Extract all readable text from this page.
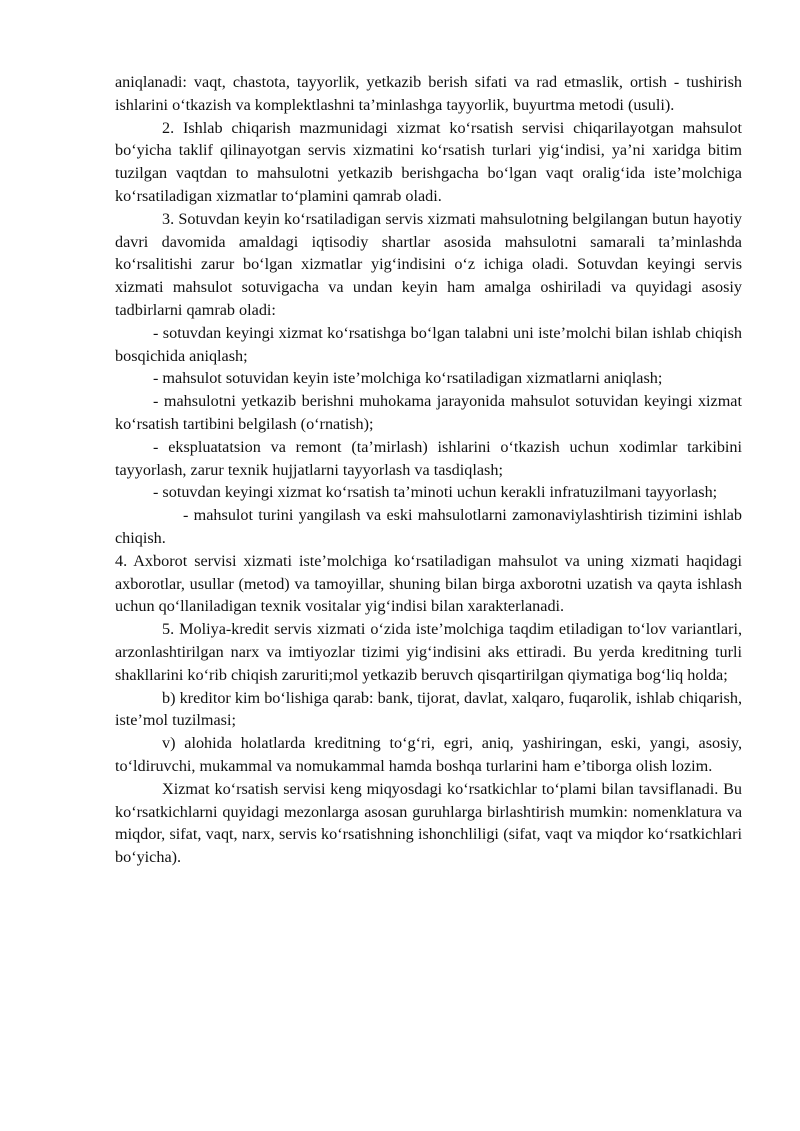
aniqlanadi: vaqt, chastota, tayyorlik, yetkazib berish sifati va rad etmaslik, ortish - tushirish ishlarini o‘tkazish va komplektlashni ta’minlashga tayyorlik, buyurtma metodi (usuli).

2. Ishlab chiqarish mazmunidagi xizmat ko‘rsatish servisi chiqarilayotgan mahsulot bo‘yicha taklif qilinayotgan servis xizmatini ko‘rsatish turlari yig‘indisi, ya’ni xaridga bitim tuzilgan vaqtdan to mahsulotni yetkazib berishgacha bo‘lgan vaqt oralig‘ida iste’molchiga ko‘rsatiladigan xizmatlar to‘plamini qamrab oladi.

3. Sotuvdan keyin ko‘rsatiladigan servis xizmati mahsulotning belgilangan butun hayotiy davri davomida amaldagi iqtisodiy shartlar asosida mahsulotni samarali ta’minlashda ko‘rsalitishi zarur bo‘lgan xizmatlar yig‘indisini o‘z ichiga oladi. Sotuvdan keyingi servis xizmati mahsulot sotuvigacha va undan keyin ham amalga oshiriladi va quyidagi asosiy tadbirlarni qamrab oladi:

- sotuvdan keyingi xizmat ko‘rsatishga bo‘lgan talabni uni iste’molchi bilan ishlab chiqish bosqichida aniqlash;

- mahsulot sotuvidan keyin iste’molchiga ko‘rsatiladigan xizmatlarni aniqlash;

- mahsulotni yetkazib berishni muhokama jarayonida mahsulot sotuvidan keyingi xizmat ko‘rsatish tartibini belgilash (o‘rnatish);

- ekspluatatsion va remont (ta’mirlash) ishlarini o‘tkazish uchun xodimlar tarkibini tayyorlash, zarur texnik hujjatlarni tayyorlash va tasdiqlash;

- sotuvdan keyingi xizmat ko‘rsatish ta’minoti uchun kerakli infratuzilmani tayyorlash;

- mahsulot turini yangilash va eski mahsulotlarni zamonaviylashtirish tizimini ishlab chiqish.

4. Axborot servisi xizmati iste’molchiga ko‘rsatiladigan mahsulot va uning xizmati haqidagi axborotlar, usullar (metod) va tamoyillar, shuning bilan birga axborotni uzatish va qayta ishlash uchun qo‘llaniladigan texnik vositalar yig‘indisi bilan xarakterlanadi.

5. Moliya-kredit servis xizmati o‘zida iste’molchiga taqdim etiladigan to‘lov variantlari, arzonlashtirilgan narx va imtiyozlar tizimi yig‘indisini aks ettiradi. Bu yerda kreditning turli shakllarini ko‘rib chiqish zaruriti;mol yetkazib beruvch qisqartirilgan qiymatiga bog‘liq holda;

b) kreditor kim bo‘lishiga qarab: bank, tijorat, davlat, xalqaro, fuqarolik, ishlab chiqarish, iste’mol tuzilmasi;

v) alohida holatlarda kreditning to‘g‘ri, egri, aniq, yashiringan, eski, yangi, asosiy, to‘ldiruvchi, mukammal va nomukammal hamda boshqa turlarini ham e’tiborga olish lozim.

Xizmat ko‘rsatish servisi keng miqyosdagi ko‘rsatkichlar to‘plami bilan tavsiflanadi. Bu ko‘rsatkichlarni quyidagi mezonlarga asosan guruhlarga birlashtirish mumkin: nomenklatura va miqdor, sifat, vaqt, narx, servis ko‘rsatishning ishonchliligi (sifat, vaqt va miqdor ko‘rsatkichlari bo‘yicha).
